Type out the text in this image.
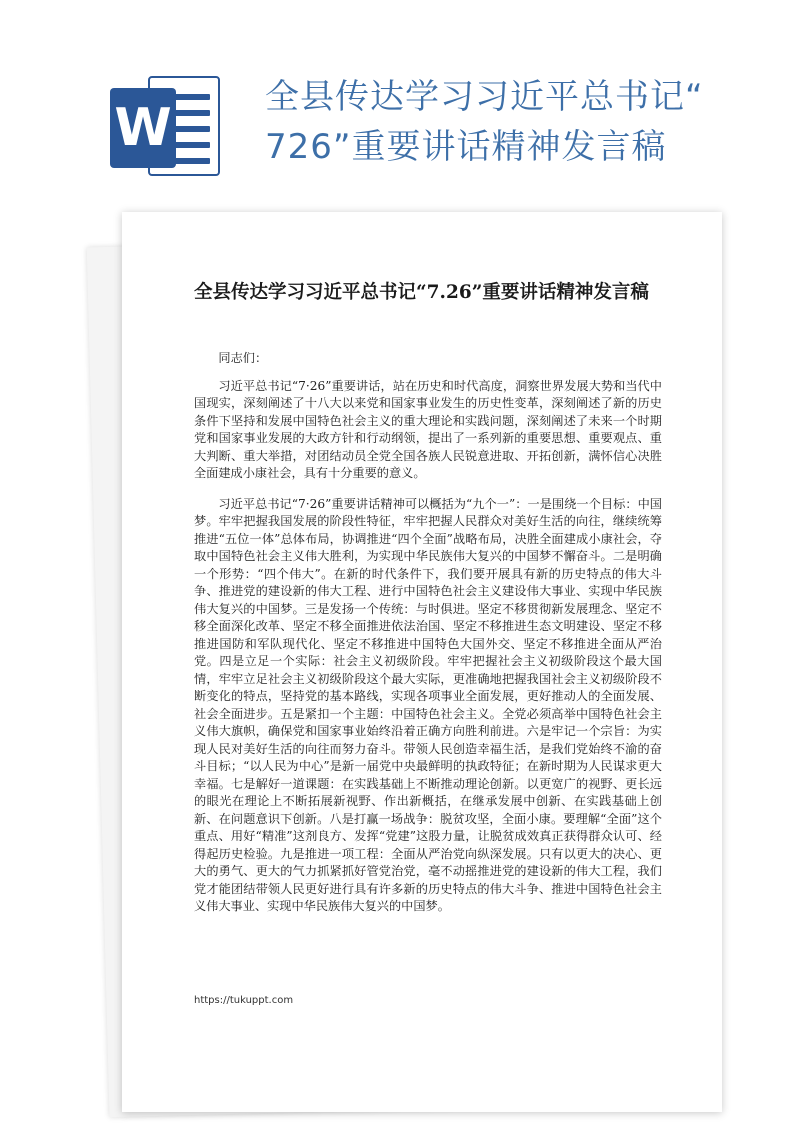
W
全县传达学习习近平总书记“
726”重要讲话精神发言稿
全县传达学习习近平总书记“7.26”重要讲话精神发言稿

同志们：

习近平总书记“7·26”重要讲话，站在历史和时代高度，洞察世界发展大势和当代中国现实，深刻阐述了十八大以来党和国家事业发生的历史性变革，深刻阐述了新的历史条件下坚持和发展中国特色社会主义的重大理论和实践问题，深刻阐述了未来一个时期党和国家事业发展的大政方针和行动纲领，提出了一系列新的重要思想、重要观点、重大判断、重大举措，对团结动员全党全国各族人民锐意进取、开拓创新，满怀信心决胜全面建成小康社会，具有十分重要的意义。

习近平总书记“7·26”重要讲话精神可以概括为“九个一”：一是围绕一个目标：中国梦。牢牢把握我国发展的阶段性特征，牢牢把握人民群众对美好生活的向往，继续统筹推进“五位一体”总体布局，协调推进“四个全面”战略布局，决胜全面建成小康社会，夺取中国特色社会主义伟大胜利，为实现中华民族伟大复兴的中国梦不懈奋斗。二是明确一个形势：“四个伟大”。在新的时代条件下，我们要开展具有新的历史特点的伟大斗争、推进党的建设新的伟大工程、进行中国特色社会主义建设伟大事业、实现中华民族伟大复兴的中国梦。三是发扬一个传统：与时俱进。坚定不移贯彻新发展理念、坚定不移全面深化改革、坚定不移全面推进依法治国、坚定不移推进生态文明建设、坚定不移推进国防和军队现代化、坚定不移推进中国特色大国外交、坚定不移推进全面从严治党。四是立足一个实际：社会主义初级阶段。牢牢把握社会主义初级阶段这个最大国情，牢牢立足社会主义初级阶段这个最大实际，更准确地把握我国社会主义初级阶段不断变化的特点，坚持党的基本路线，实现各项事业全面发展，更好推动人的全面发展、社会全面进步。五是紧扣一个主题：中国特色社会主义。全党必须高举中国特色社会主义伟大旗帜，确保党和国家事业始终沿着正确方向胜利前进。六是牢记一个宗旨：为实现人民对美好生活的向往而努力奋斗。带领人民创造幸福生活，是我们党始终不渝的奋斗目标；“以人民为中心”是新一届党中央最鲜明的执政特征；在新时期为人民谋求更大幸福。七是解好一道课题：在实践基础上不断推动理论创新。以更宽广的视野、更长远的眼光在理论上不断拓展新视野、作出新概括，在继承发展中创新、在实践基础上创新、在问题意识下创新。八是打赢一场战争：脱贫攻坚，全面小康。要理解“全面”这个重点、用好“精准”这剂良方、发挥“党建”这股力量，让脱贫成效真正获得群众认可、经得起历史检验。九是推进一项工程：全面从严治党向纵深发展。只有以更大的决心、更大的勇气、更大的气力抓紧抓好管党治党，毫不动摇推进党的建设新的伟大工程，我们党才能团结带领人民更好进行具有许多新的历史特点的伟大斗争、推进中国特色社会主义伟大事业、实现中华民族伟大复兴的中国梦。

https://tukuppt.com
